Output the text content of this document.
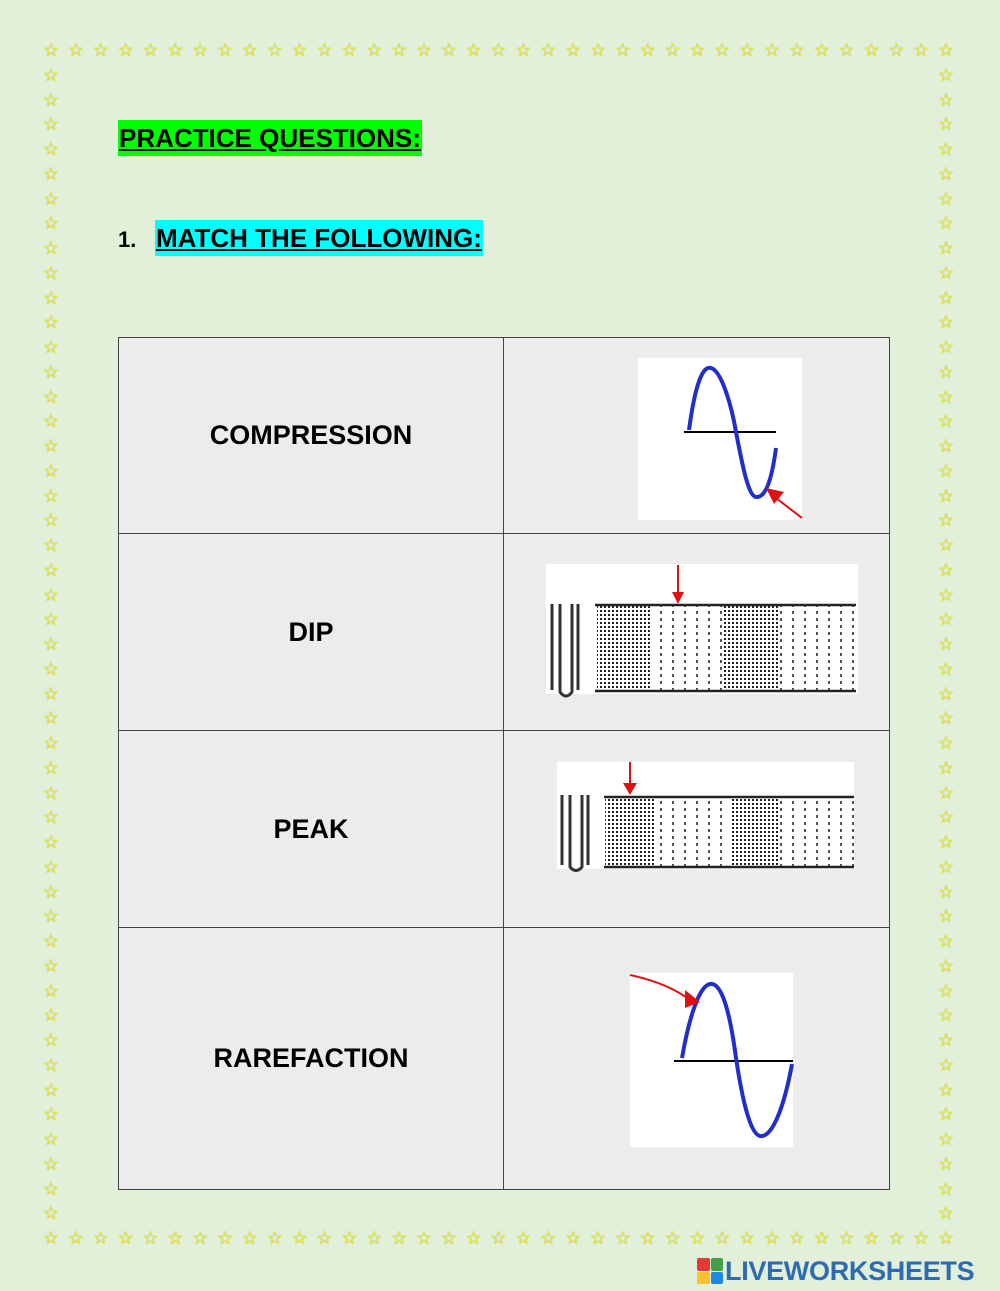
☆
☆
☆
☆
☆
☆
☆
☆
☆
☆
☆
☆
☆
☆
☆
☆
☆
☆
☆
☆
☆
☆
☆
☆
☆
☆
☆
☆
☆
☆
☆
☆
☆
☆
☆
☆
☆
☆
☆
☆
☆
☆
☆
☆
☆
☆
☆
☆
☆
☆
☆
☆
☆
☆
☆
☆
☆
☆
☆
☆
☆
☆
☆
☆
☆
☆
☆
☆
☆
☆
☆
☆
☆
☆
☆	☆
☆	☆
☆	☆
☆	☆
☆	☆
☆	☆
☆	☆
☆	☆
☆	☆
☆	☆
☆	☆
☆	☆
☆	☆
☆	☆
☆	☆
☆	☆
☆	☆
☆	☆
☆	☆
☆	☆
☆	☆
☆	☆
☆	☆
☆	☆
☆	☆
☆	☆
☆	☆
☆	☆
☆	☆
☆	☆
☆	☆
☆	☆
☆	☆
☆	☆
☆	☆
☆	☆
☆	☆
☆	☆
☆	☆
☆	☆
☆	☆
☆	☆
☆	☆
☆	☆
☆	☆
☆	☆
☆	☆
PRACTICE QUESTIONS:
1. MATCH THE FOLLOWING:
COMPRESSION	
DIP	
PEAK	
RAREFACTION	
LIVEWORKSHEETS
